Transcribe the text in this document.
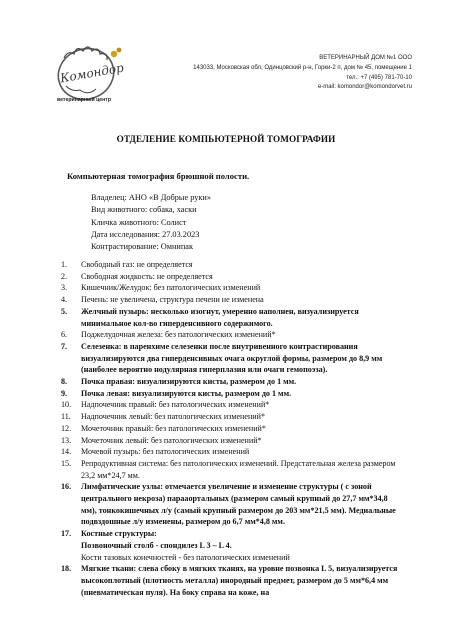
Комондор
ветеринарный центр
ВЕТЕРИНАРНЫЙ ДОМ №1 ООО
143033, Московская обл, Одинцовский р-н, Горки-2 п, дом № 45, помещение 1
тел.: +7 (495) 781-70-10
e-mail: komondor@komondorvet.ru
ОТДЕЛЕНИЕ КОМПЬЮТЕРНОЙ ТОМОГРАФИИ
Компьютерная томография брюшной полости.
Владелец: АНО «В Добрые руки»
Вид животного: собака, хаски
Кличка животного: Солист
Дата исследования: 27.03.2023
Контрастирование: Омнипак
1. Свободный газ: не определяется
2. Свободная жидкость: не определяется
3. Кишечник/Желудок: без патологических изменений
4. Печень: не увеличена, структура печени не изменена
5. Желчный пузырь: несколько изогнут, умеренно наполнен, визуализируется минимальное кол-во гиперденсивного содержимого.
6. Поджелудочная железа: без патологических изменений*
7. Селезенка: в паренхиме селезенки после внутривенного контрастирования визуализируются два гиперденсивных очага округлой формы, размером до 8,9 мм (наиболее вероятно нодулярная гиперплазия или очаги гемопоэза).
8. Почка правая: визуализируются кисты, размером до 1 мм.
9. Почка левая: визуализируются кисты, размером до 1 мм.
10. Надпочечник правый: без патологических изменений*
11. Надпочечник левый: без патологических изменений*
12. Мочеточник правый: без патологических изменений*
13. Мочеточник левый: без патологических изменений*
14. Мочевой пузырь: без патологических изменений
15. Репродуктивная система: без патологических изменений. Предстательная железа размером 23,2 мм*24,7 мм.
16. Лимфатические узлы: отмечается увеличение и изменение структуры ( с зоной центрального некроза) парааортальных (размером самый крупный до 27,7 мм*34,8 мм), тонкокишечных л/у (самый крупный размером до 203 мм*21,5 мм). Медиальные подвздошные л/у изменены, размером до 6,7 мм*4,8 мм.
17. Костные структуры:
Позвоночный столб - спондилез L 3 – L 4.
Кости тазовых конечностей - без патологических изменений
18. Мягкие ткани: слева сбоку в мягких тканях, на уровне позвонка L 5, визуализируется высокоплотный (плотность металла) инородный предмет, размером до 5 мм*6,4 мм (пневматическая пуля). На боку справа на коже, на
